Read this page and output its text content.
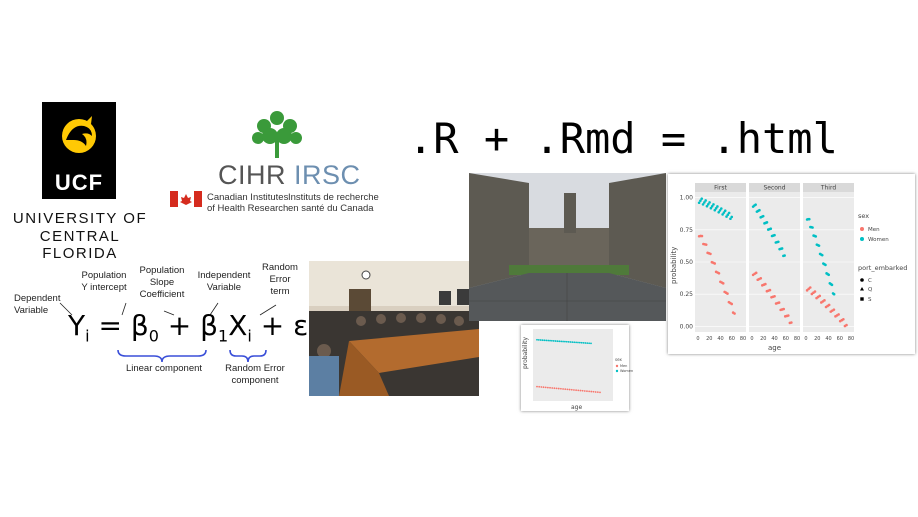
UCF
UNIVERSITY OF
CENTRAL FLORIDA
CIHR IRSC
Canadian Institutes
of Health Research
Instituts de recherche
en santé du Canada
.R + .Rmd = .html
Dependent
Variable
Population
Y intercept
Population
Slope
Coefficient
Independent
Variable
Random
Error
term
$Y_i = \beta_0 + \beta_1X_i + \varepsilon$
Linear component	Random Error
component
probability
age
sex
Men
Women
probability
age
First
0.00
0.25
0.50
0.75
1.00
0 20 40 60 80
Second
0 20 40 60 80
Third
0 20 40 60 80
sex
Men
Women
port_embarked
C
Q
S
